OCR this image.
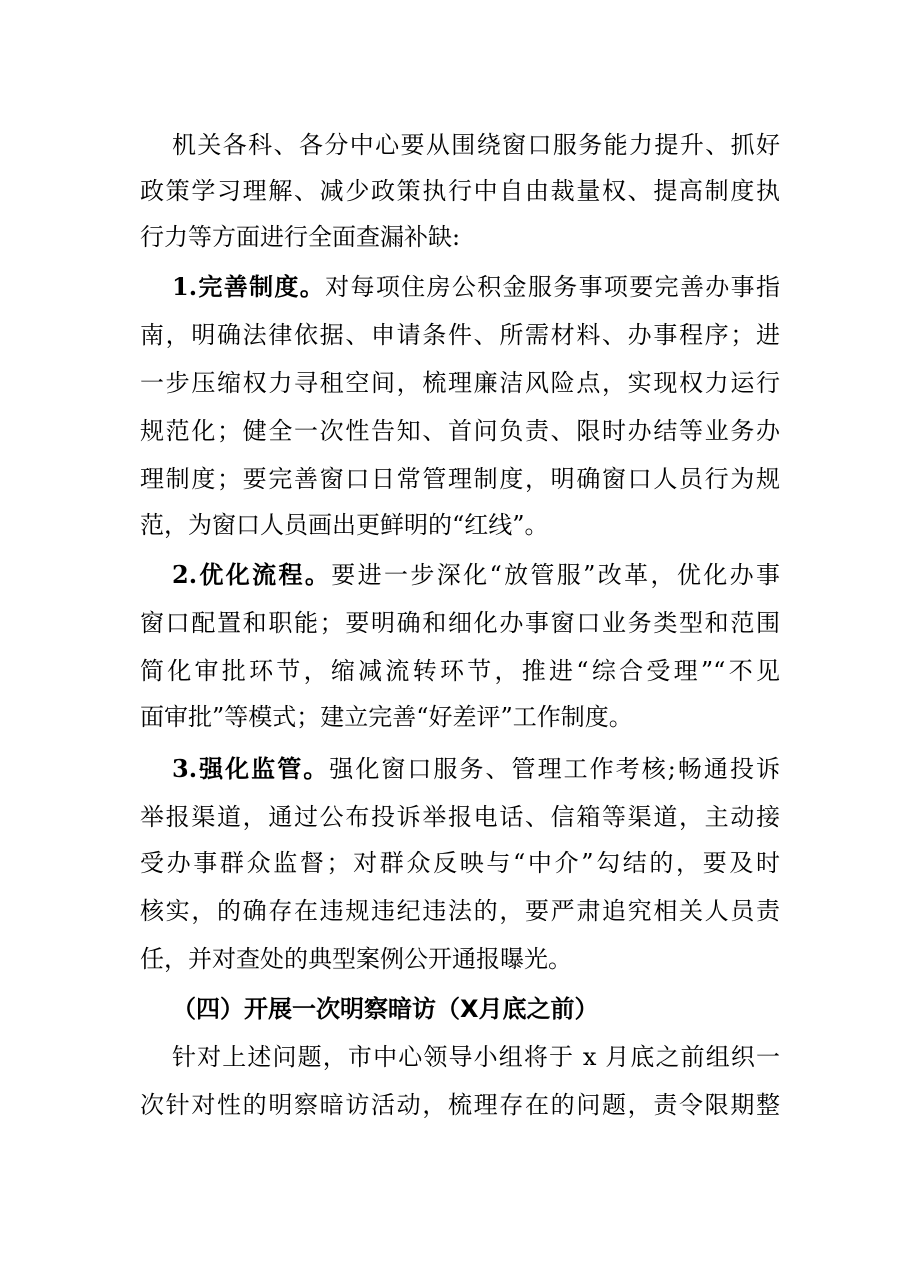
机关各科、各分中心要从围绕窗口服务能力提升、抓好
政策学习理解、减少政策执行中自由裁量权、提高制度执
行力等方面进行全面查漏补缺:
1.完善制度。对每项住房公积金服务事项要完善办事指
南，明确法律依据、申请条件、所需材料、办事程序；进
一步压缩权力寻租空间，梳理廉洁风险点，实现权力运行
规范化；健全一次性告知、首问负责、限时办结等业务办
理制度；要完善窗口日常管理制度，明确窗口人员行为规
范，为窗口人员画出更鲜明的“红线”。
2.优化流程。要进一步深化“放管服”改革，优化办事
窗口配置和职能；要明确和细化办事窗口业务类型和范围
简化审批环节，缩减流转环节，推进“综合受理”“不见
面审批”等模式；建立完善“好差评”工作制度。
3.强化监管。强化窗口服务、管理工作考核;畅通投诉
举报渠道，通过公布投诉举报电话、信箱等渠道，主动接
受办事群众监督；对群众反映与“中介”勾结的，要及时
核实，的确存在违规违纪违法的，要严肃追究相关人员责
任，并对查处的典型案例公开通报曝光。
（四）开展一次明察暗访（X月底之前）
针对上述问题，市中心领导小组将于 x 月底之前组织一
次针对性的明察暗访活动，梳理存在的问题，责令限期整
